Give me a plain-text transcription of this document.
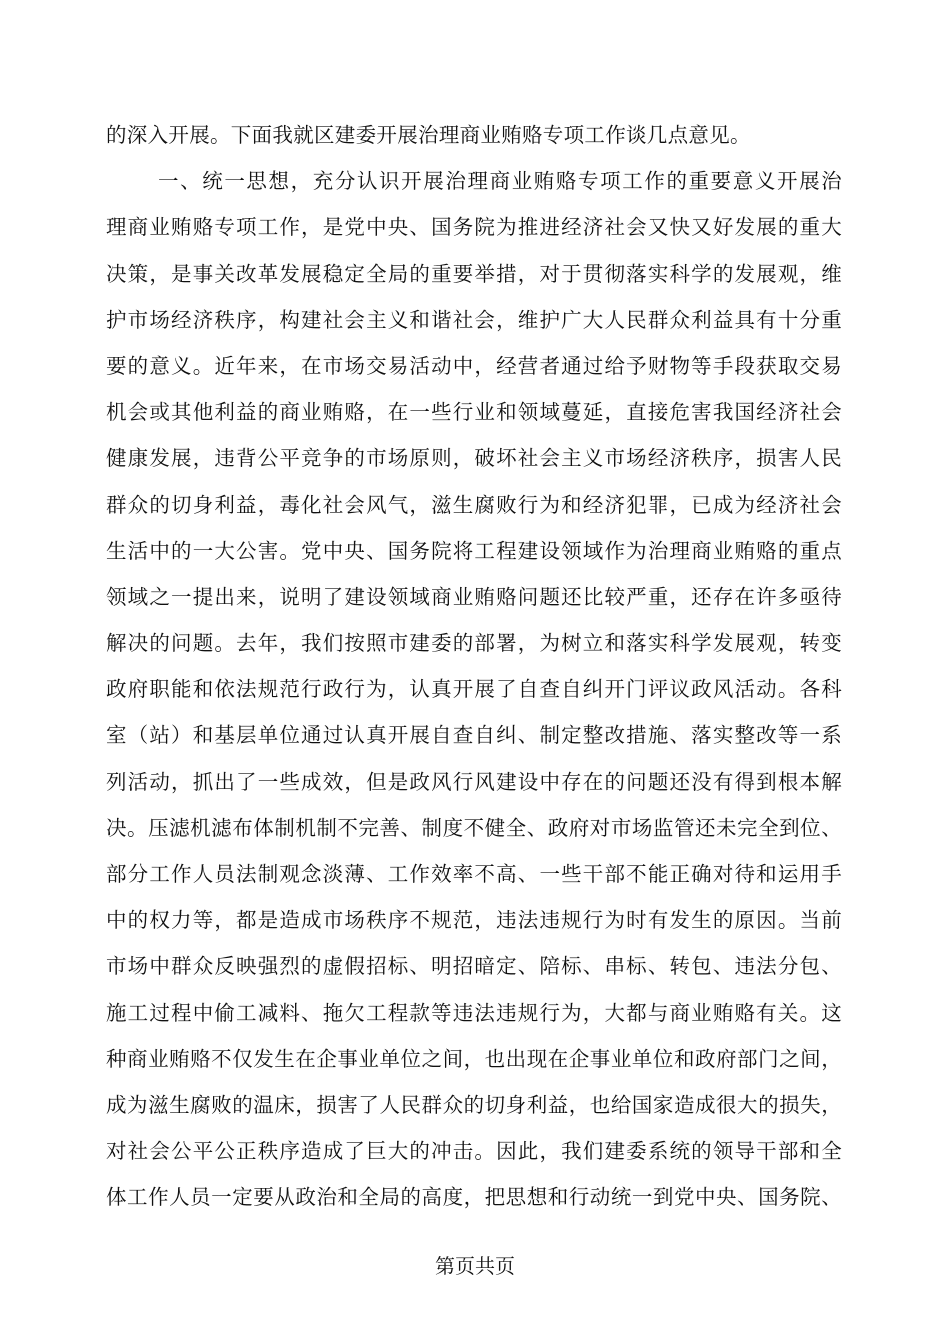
的深入开展。下面我就区建委开展治理商业贿赂专项工作谈几点意见。
一、统一思想，充分认识开展治理商业贿赂专项工作的重要意义开展治
理商业贿赂专项工作，是党中央、国务院为推进经济社会又快又好发展的重大
决策，是事关改革发展稳定全局的重要举措，对于贯彻落实科学的发展观，维
护市场经济秩序，构建社会主义和谐社会，维护广大人民群众利益具有十分重
要的意义。近年来，在市场交易活动中，经营者通过给予财物等手段获取交易
机会或其他利益的商业贿赂，在一些行业和领域蔓延，直接危害我国经济社会
健康发展，违背公平竞争的市场原则，破坏社会主义市场经济秩序，损害人民
群众的切身利益，毒化社会风气，滋生腐败行为和经济犯罪，已成为经济社会
生活中的一大公害。党中央、国务院将工程建设领域作为治理商业贿赂的重点
领域之一提出来，说明了建设领域商业贿赂问题还比较严重，还存在许多亟待
解决的问题。去年，我们按照市建委的部署，为树立和落实科学发展观，转变
政府职能和依法规范行政行为，认真开展了自查自纠开门评议政风活动。各科
室（站）和基层单位通过认真开展自查自纠、制定整改措施、落实整改等一系
列活动，抓出了一些成效，但是政风行风建设中存在的问题还没有得到根本解
决。压滤机滤布体制机制不完善、制度不健全、政府对市场监管还未完全到位、
部分工作人员法制观念淡薄、工作效率不高、一些干部不能正确对待和运用手
中的权力等，都是造成市场秩序不规范，违法违规行为时有发生的原因。当前
市场中群众反映强烈的虚假招标、明招暗定、陪标、串标、转包、违法分包、
施工过程中偷工减料、拖欠工程款等违法违规行为，大都与商业贿赂有关。这
种商业贿赂不仅发生在企事业单位之间，也出现在企事业单位和政府部门之间，
成为滋生腐败的温床，损害了人民群众的切身利益，也给国家造成很大的损失，
对社会公平公正秩序造成了巨大的冲击。因此，我们建委系统的领导干部和全
体工作人员一定要从政治和全局的高度，把思想和行动统一到党中央、国务院、
第页共页
